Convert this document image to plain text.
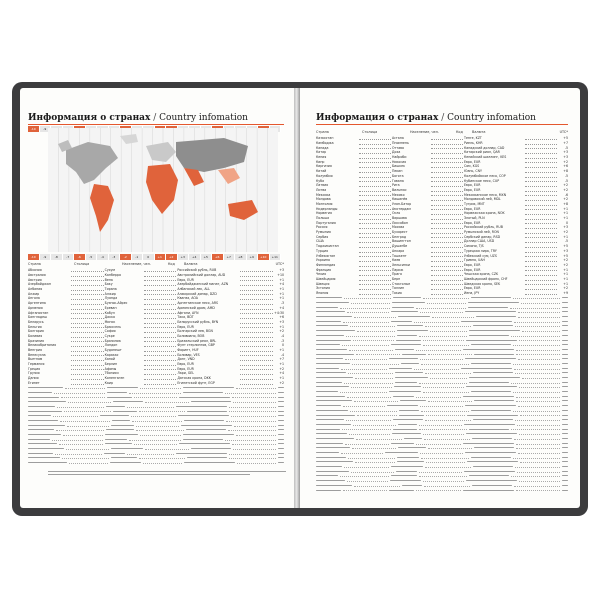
Информация о странах / Country infomation
-10	-9
-10	-9	-8	-7	-6	-5	-4	-3	-2	-1	0	+1	+2	+3	+4	+5	+6	+7	+8	+9	+10	+11
Страна	Столица	Население, чел.	Код	Валюта	UTC*
Абхазия	Сухум	Российский рубль, RUB	+3
Австралия	Канберра	Австралийский доллар, AUD	+10
Австрия	Вена	Евро, EUR	+1
Азербайджан	Баку	Азербайджанский манат, AZN	+4
Албания	Тирана	Албанский лек, ALL	+1
Алжир	Алжир	Алжирский динар, DZD	+1
Ангола	Луанда	Кванза, AOA	+1
Аргентина	Буэнос-Айрес	Аргентинское песо, ARS	-3
Армения	Ереван	Армянский драм, AMD	+4
Афганистан	Кабул	Афгани, AFN	+4:30
Бангладеш	Дакка	Така, BDT	+6
Беларусь	Минск	Белорусский рубль, BYN	+3
Бельгия	Брюссель	Евро, EUR	+1
Болгария	София	Болгарский лев, BGN	+2
Боливия	Сукре	Боливиано, BOB	-4
Бразилия	Бразилиа	Бразильский реал, BRL	-3
Великобритания	Лондон	Фунт стерлингов, GBP	0
Венгрия	Будапешт	Форинт, HUF	+1
Венесуэла	Каракас	Боливар, VES	-4
Вьетнам	Ханой	Донг, VND	+7
Германия	Берлин	Евро, EUR	+1
Греция	Афины	Евро, EUR	+2
Грузия	Тбилиси	Лари, GEL	+4
Дания	Копенгаген	Датская крона, DKK	+1
Египет	Каир	Египетский фунт, EGP	+2
Информация о странах / Country infomation
Страна	Столица	Население, чел.	Код	Валюта	UTC*
Казахстан	Астана	Тенге, KZT	+5
Камбоджа	Пномпень	Риель, KHR	+7
Канада	Оттава	Канадский доллар, CAD	-5
Катар	Доха	Катарский риал, QAR	+3
Кения	Найроби	Кенийский шиллинг, KES	+3
Кипр	Никосия	Евро, EUR	+2
Киргизия	Бишкек	Сом, KGS	+6
Китай	Пекин	Юань, CNY	+8
Колумбия	Богота	Колумбийское песо, COP	-5
Куба	Гавана	Кубинское песо, CUP	-5
Латвия	Рига	Евро, EUR	+2
Литва	Вильнюс	Евро, EUR	+2
Мексика	Мехико	Мексиканское песо, MXN	-6
Молдова	Кишинёв	Молдавский лей, MDL	+2
Монголия	Улан-Батор	Тугрик, MNT	+8
Нидерланды	Амстердам	Евро, EUR	+1
Норвегия	Осло	Норвежская крона, NOK	+1
Польша	Варшава	Злотый, PLN	+1
Португалия	Лиссабон	Евро, EUR	0
Россия	Москва	Российский рубль, RUB	+3
Румыния	Бухарест	Румынский лей, RON	+2
Сербия	Белград	Сербский динар, RSD	+1
США	Вашингтон	Доллар США, USD	-5
Таджикистан	Душанбе	Сомони, TJS	+5
Турция	Анкара	Турецкая лира, TRY	+3
Узбекистан	Ташкент	Узбекский сум, UZS	+5
Украина	Киев	Гривна, UAH	+2
Финляндия	Хельсинки	Евро, EUR	+2
Франция	Париж	Евро, EUR	+1
Чехия	Прага	Чешская крона, CZK	+1
Швейцария	Берн	Швейцарский франк, CHF	+1
Швеция	Стокгольм	Шведская крона, SEK	+1
Эстония	Таллин	Евро, EUR	+2
Япония	Токио	Иена, JPY	+9
